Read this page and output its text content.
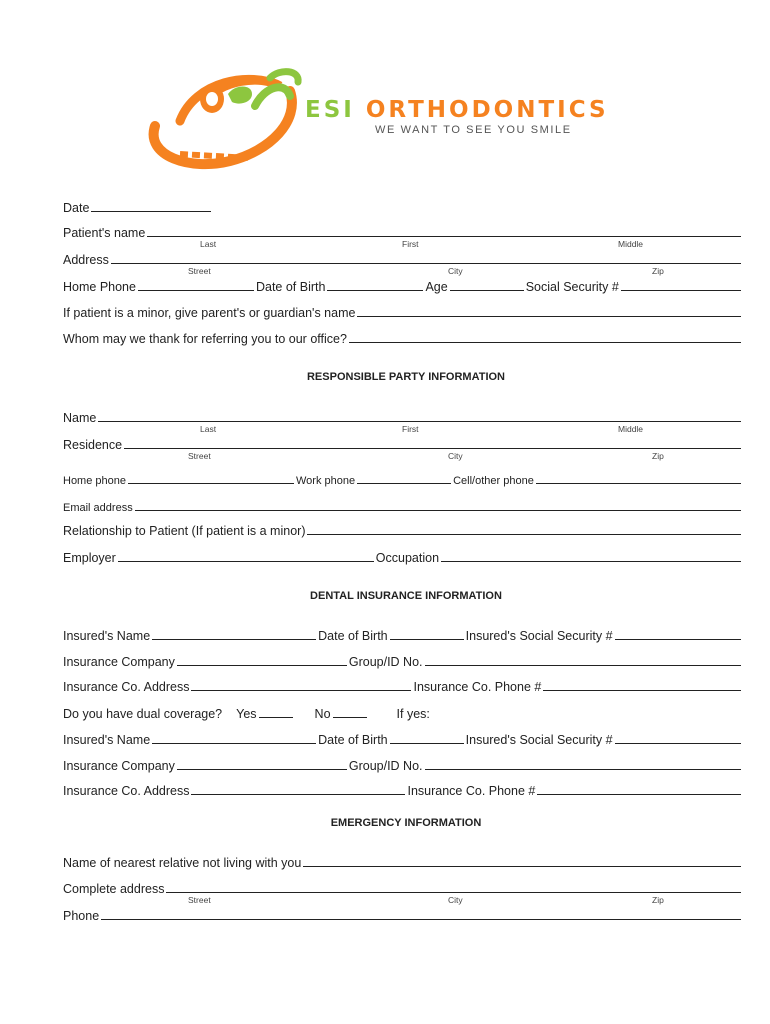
ESI ORTHODONTICS
WE WANT TO SEE YOU SMILE
Date
Patient's name
Last	First	Middle
Address
Street	City	Zip
Home Phone	Date of Birth	Age	Social Security #
If patient is a minor, give parent's or guardian's name
Whom may we thank for referring you to our office?
RESPONSIBLE PARTY INFORMATION
Name
Last	First	Middle
Residence
Street	City	Zip
Home phone	Work phone	Cell/other phone
Email address
Relationship to Patient (If patient is a minor)
Employer	Occupation
DENTAL INSURANCE INFORMATION
Insured's Name	Date of Birth	Insured's Social Security #
Insurance Company	Group/ID No.
Insurance Co. Address	Insurance Co. Phone #
Do you have dual coverage? Yes	No	If yes:
Insured's Name	Date of Birth	Insured's Social Security #
Insurance Company	Group/ID No.
Insurance Co. Address	Insurance Co. Phone #
EMERGENCY INFORMATION
Name of nearest relative not living with you
Complete address
Street	City	Zip
Phone
